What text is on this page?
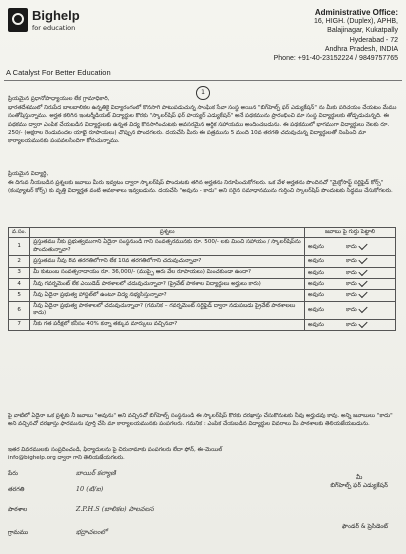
Bighelp
for education
A Catalyst For Better Education
Administrative Office:
16, HIGH. (Duplex), APHB,
Balajinagar, Kukatpally
Hyderabad - 72
Andhra Pradesh, INDIA
Phone: +91-40-23152224 / 9849757765
1
ప్రియమైన ప్రధానోపాధ్యాయుల లేక గ్రామాధికారి,
భారతదేశములో నిరుపేద బాలబాలికల ఉన్నతికై విద్యారంగంలో కొనసాగి పాటుపడుచున్న సాంఘిక సేవా సంస్థ అయిన "బిగ్‌హెల్ప్ ఫర్ ఎడ్యుకేషన్" ను మీకు పరిచయం చేయటం మేము సంతోషిస్తున్నాము. అర్హత కలిగిన ఇంటర్మీడియట్ విద్యార్థుల కొరకు "స్కాలర్‌షిప్ ఫర్ హయ్యర్ ఎడ్యుకేషన్" అనే పథకమును ప్రారంభించి మా సంస్థ విద్యార్థులకు తోడ్పడుచున్నది. ఈ పథకము ద్వారా ఎంపిక చేయబడిన విద్యార్థులకు ఉన్నత విద్య కొనసాగించుటకు అవసరమైన ఆర్థిక సహాయము అందించబడును. ఈ పథకములో భాగముగా విద్యార్థులు నెలకు రూ. 250/- (అక్షరాల రెండువందల యాభై రూపాయలు) చొప్పున పొందగలరు. దయచేసి మీరు ఈ పత్రమును 5 మంది 10వ తరగతి చదువుచున్న విద్యార్థులతో నింపించి మా కార్యాలయమునకు పంపవలసిందిగా కోరుచున్నాము.
ప్రియమైన విద్యార్థి,
ఈ దిగువ నీయబడిన ప్రశ్నలకు జవాబు మీరు ఇవ్వటం ద్వారా స్కాలర్‌షిప్ పొందుటకు తగిన అర్హతను నిరూపించుకోగలరు. ఒక వేళ అర్హతను పొందినచో "మైక్రోసాఫ్ట్ సర్టిఫైడ్ కోర్స్" (కంప్యూటర్ కోర్స్) కు వృత్తి విద్యార్హత వంటి అవకాశాలు ఇవ్వబడును. దయచేసి "అవును - కాదు" అని సరైన సమాధానమును గుర్తించి స్కాలర్‌షిప్ పొందుటకు సిద్ధము చేసుకోగలరు.
వ.సం.	ప్రశ్నలు	జవాబు పై గుర్తు పెట్టాలి
1	ప్రస్తుతము నీకు ప్రభుత్వముగాని ఏదైనా సంస్థనుండి గాని సంవత్సరమునకు రూ. 500/- లకు మించి సహాయం / స్కాలర్‌షిప్‌ను పొందుతున్నావా?	అవును కాదు
2	ప్రస్తుతము నీవు 8వ తరగతిలోగాని లేక 10వ తరగతిలోగాని చదువుచున్నావా?	అవును కాదు
3	మీ కుటుంబ సంవత్సరాదాయం రూ. 36,000/- (ముప్పై ఆరు వేల రూపాయలు) మించకుండా ఉందా?	అవును కాదు
4	నీవు గవర్నమెంట్ లేక ఎయిడెడ్ పాఠశాలలో చదువుచున్నావా? (ప్రైవేట్ పాఠశాల విద్యార్థులు అర్హులు కారు)	అవును కాదు
5	నీవు ఏదైనా ప్రభుత్వ హాస్టల్‌లో ఉంటూ విద్య నభ్యసిస్తున్నావా?	అవును కాదు
6	నీవు ఏదైనా ప్రభుత్వ పాఠశాలలో చదువుచున్నావా? (గమనిక – గవర్నమెంట్ సర్టిఫైడ్ ద్వారా నడుపబడు ప్రైవేట్ పాఠశాలలు కాదు)	అవును కాదు
7	నీకు గత పరీక్షలో కనీసం 40% కన్నా తక్కువ మార్కులు వచ్చినవా?	అవును కాదు
పై వాటిలో ఏదైనా ఒక ప్రశ్నకు నీ జవాబు "అవును" అని వచ్చినచో బిగ్‌హెల్ప్ సంస్థనుండి ఈ స్కాలర్‌షిప్ కొరకు దరఖాస్తు చేసుకొనుటకు నీవు అర్హుడవు కావు. అన్ని జవాబులు "కాదు" అని వచ్చినచో దరఖాస్తు ఫారమును పూర్తి చేసి మా కార్యాలయమునకు పంపగలరు. గమనిక : ఎంపిక చేయబడిన విద్యార్థుల వివరాలు మీ పాఠశాలకు తెలియజేయబడును.
ఇతర వివరములకు సంప్రదించండి, ఫిర్యాదులను పై చిరునామాకు పంపగలరు లేదా ఫోన్, ఈ-మెయిల్
info@bighelp.org ద్వారా గాని తెలియజేయగలరు.
పేరు	బాయిర్ కల్యాణి
తరగతి	10 (టి/ఐ)
పాఠశాల	Z.P.H.S (బాలికల) పాలవలస
గ్రామము	భద్రాచలంలో
మీ
బిగ్‌హెల్ప్ ఫర్ ఎడ్యుకేషన్
ఫౌండర్ & ప్రెసిడెంట్
